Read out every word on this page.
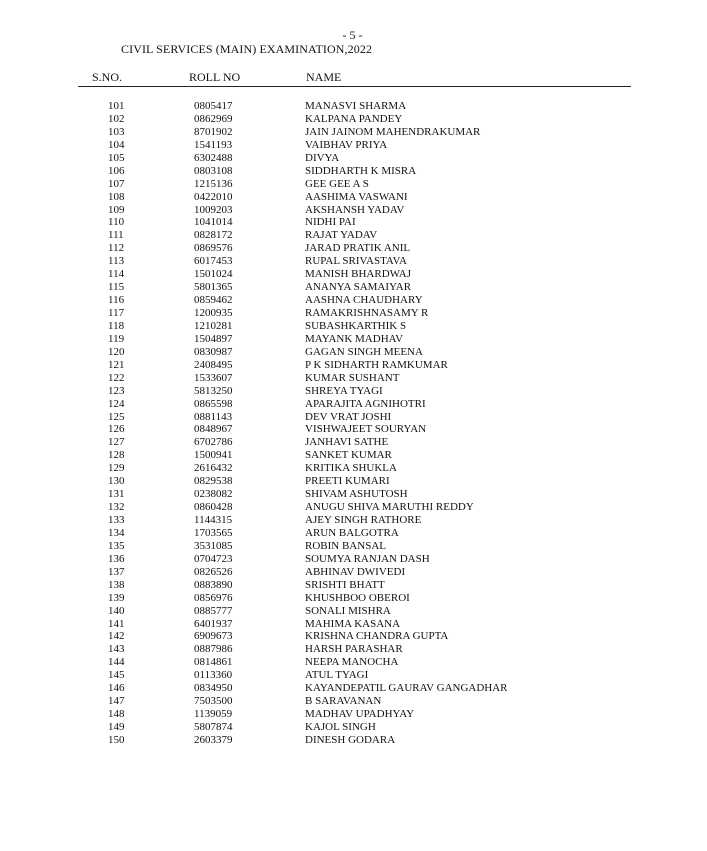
- 5 -
CIVIL SERVICES (MAIN) EXAMINATION,2022
S.NO.	ROLL NO	NAME
101	0805417	MANASVI SHARMA
102	0862969	KALPANA PANDEY
103	8701902	JAIN JAINOM MAHENDRAKUMAR
104	1541193	VAIBHAV PRIYA
105	6302488	DIVYA
106	0803108	SIDDHARTH K MISRA
107	1215136	GEE GEE A S
108	0422010	AASHIMA VASWANI
109	1009203	AKSHANSH YADAV
110	1041014	NIDHI PAI
111	0828172	RAJAT YADAV
112	0869576	JARAD PRATIK ANIL
113	6017453	RUPAL SRIVASTAVA
114	1501024	MANISH BHARDWAJ
115	5801365	ANANYA SAMAIYAR
116	0859462	AASHNA CHAUDHARY
117	1200935	RAMAKRISHNASAMY R
118	1210281	SUBASHKARTHIK S
119	1504897	MAYANK MADHAV
120	0830987	GAGAN SINGH MEENA
121	2408495	P K SIDHARTH RAMKUMAR
122	1533607	KUMAR SUSHANT
123	5813250	SHREYA TYAGI
124	0865598	APARAJITA AGNIHOTRI
125	0881143	DEV VRAT JOSHI
126	0848967	VISHWAJEET SOURYAN
127	6702786	JANHAVI SATHE
128	1500941	SANKET KUMAR
129	2616432	KRITIKA SHUKLA
130	0829538	PREETI KUMARI
131	0238082	SHIVAM ASHUTOSH
132	0860428	ANUGU SHIVA MARUTHI REDDY
133	1144315	AJEY SINGH RATHORE
134	1703565	ARUN BALGOTRA
135	3531085	ROBIN BANSAL
136	0704723	SOUMYA RANJAN DASH
137	0826526	ABHINAV DWIVEDI
138	0883890	SRISHTI BHATT
139	0856976	KHUSHBOO OBEROI
140	0885777	SONALI MISHRA
141	6401937	MAHIMA KASANA
142	6909673	KRISHNA CHANDRA GUPTA
143	0887986	HARSH PARASHAR
144	0814861	NEEPA MANOCHA
145	0113360	ATUL TYAGI
146	0834950	KAYANDEPATIL GAURAV GANGADHAR
147	7503500	B SARAVANAN
148	1139059	MADHAV UPADHYAY
149	5807874	KAJOL SINGH
150	2603379	DINESH GODARA
